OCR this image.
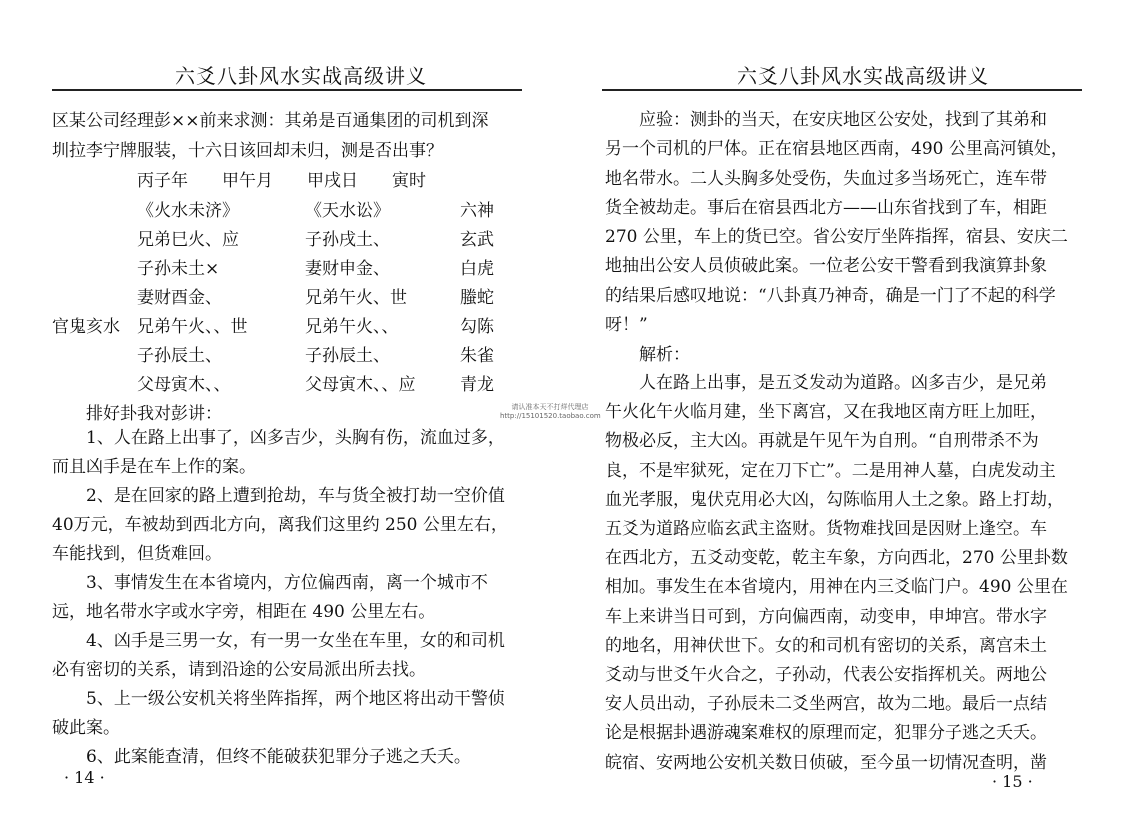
六爻八卦风水实战高级讲义
区某公司经理彭××前来求测：其弟是百通集团的司机到深
圳拉李宁牌服装，十六日该回却未归，测是否出事？
丙子年　　甲午月　　甲戌日　　寅时
《火水未济》	《天水讼》	六神
兄弟巳火、应	子孙戌土、	玄武
子孙未土×	妻财申金、	白虎
妻财酉金、	兄弟午火、世	螣蛇
官鬼亥水 兄弟午火、、世	兄弟午火、、	勾陈
子孙辰土、	子孙辰土、	朱雀
父母寅木、、	父母寅木、、应	青龙
排好卦我对彭讲：
1、人在路上出事了，凶多吉少，头胸有伤，流血过多，
而且凶手是在车上作的案。
2、是在回家的路上遭到抢劫，车与货全被打劫一空价值
40万元，车被劫到西北方向，离我们这里约 250 公里左右，
车能找到，但货难回。
3、事情发生在本省境内，方位偏西南，离一个城市不
远，地名带水字或水字旁，相距在 490 公里左右。
4、凶手是三男一女，有一男一女坐在车里，女的和司机
必有密切的关系，请到沿途的公安局派出所去找。
5、上一级公安机关将坐阵指挥，两个地区将出动干警侦
破此案。
6、此案能查清，但终不能破获犯罪分子逃之夭夭。
· 14 ·
请认准本天不打烊代理店
http://15101520.taobao.com
六爻八卦风水实战高级讲义
应验：测卦的当天，在安庆地区公安处，找到了其弟和
另一个司机的尸体。正在宿县地区西南，490 公里高河镇处，
地名带水。二人头胸多处受伤，失血过多当场死亡，连车带
货全被劫走。事后在宿县西北方——山东省找到了车，相距
270 公里，车上的货已空。省公安厅坐阵指挥，宿县、安庆二
地抽出公安人员侦破此案。一位老公安干警看到我演算卦象
的结果后感叹地说：“八卦真乃神奇，确是一门了不起的科学
呀！”
解析：
人在路上出事，是五爻发动为道路。凶多吉少，是兄弟
午火化午火临月建，坐下离宫，又在我地区南方旺上加旺，
物极必反，主大凶。再就是午见午为自刑。“自刑带杀不为
良，不是牢狱死，定在刀下亡”。二是用神人墓，白虎发动主
血光孝服，鬼伏克用必大凶，勾陈临用人土之象。路上打劫，
五爻为道路应临玄武主盗财。货物难找回是因财上逢空。车
在西北方，五爻动变乾，乾主车象，方向西北，270 公里卦数
相加。事发生在本省境内，用神在内三爻临门户。490 公里在
车上来讲当日可到，方向偏西南，动变申，申坤宫。带水字
的地名，用神伏世下。女的和司机有密切的关系，离宫未土
爻动与世爻午火合之，子孙动，代表公安指挥机关。两地公
安人员出动，子孙辰未二爻坐两宫，故为二地。最后一点结
论是根据卦遇游魂案难权的原理而定，犯罪分子逃之夭夭。
皖宿、安两地公安机关数日侦破，至今虽一切情况查明，凿
· 15 ·
